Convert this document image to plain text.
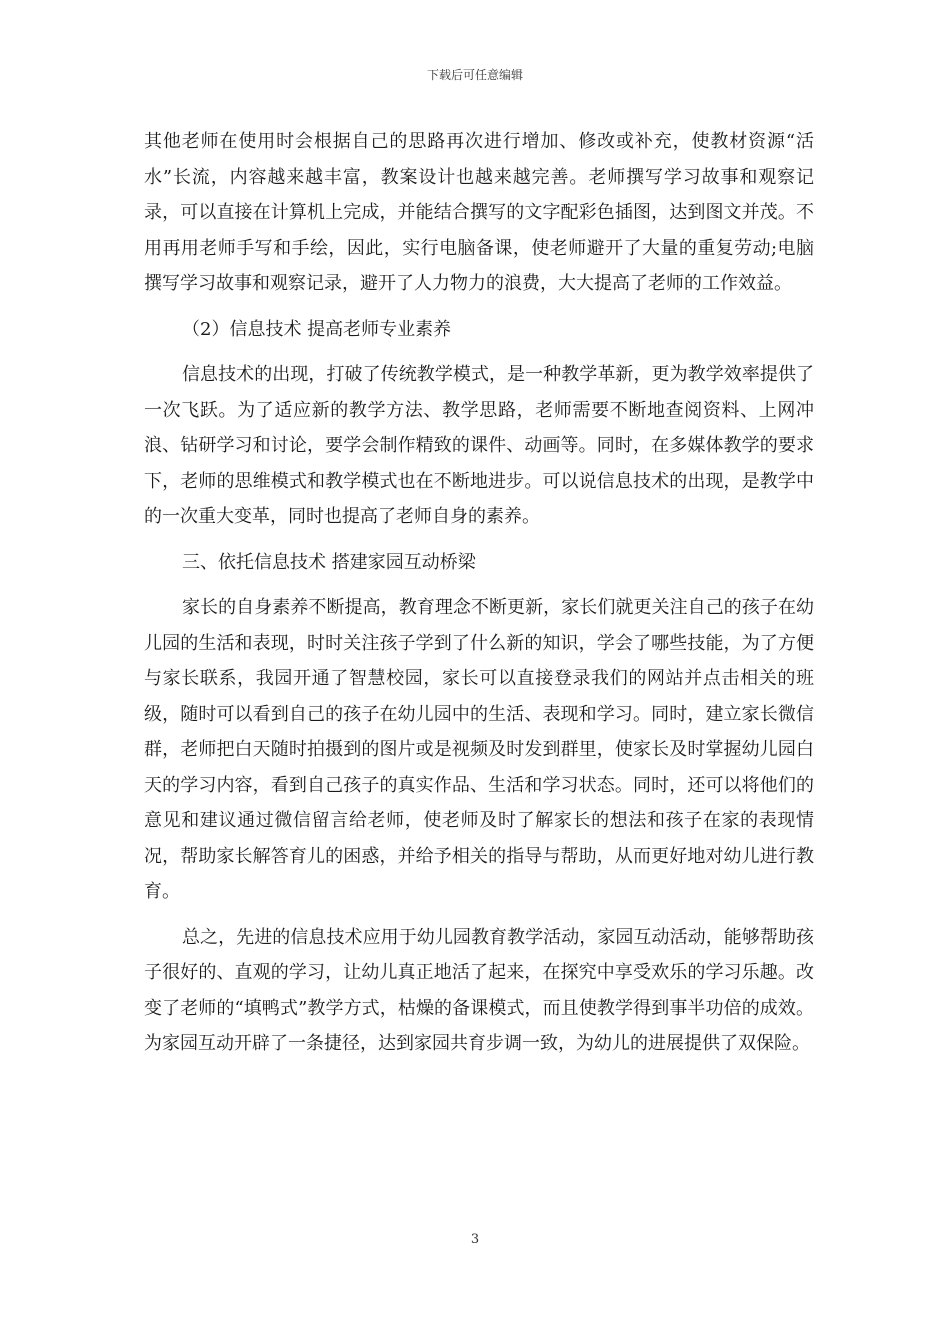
下载后可任意编辑

其他老师在使用时会根据自己的思路再次进行增加、修改或补充，使教材资源“活水”长流，内容越来越丰富，教案设计也越来越完善。老师撰写学习故事和观察记录，可以直接在计算机上完成，并能结合撰写的文字配彩色插图，达到图文并茂。不用再用老师手写和手绘，因此，实行电脑备课，使老师避开了大量的重复劳动;电脑撰写学习故事和观察记录，避开了人力物力的浪费，大大提高了老师的工作效益。

（2）信息技术 提高老师专业素养

信息技术的出现，打破了传统教学模式，是一种教学革新，更为教学效率提供了一次飞跃。为了适应新的教学方法、教学思路，老师需要不断地查阅资料、上网冲浪、钻研学习和讨论，要学会制作精致的课件、动画等。同时，在多媒体教学的要求下，老师的思维模式和教学模式也在不断地进步。可以说信息技术的出现，是教学中的一次重大变革，同时也提高了老师自身的素养。

三、依托信息技术 搭建家园互动桥梁

家长的自身素养不断提高，教育理念不断更新，家长们就更关注自己的孩子在幼儿园的生活和表现，时时关注孩子学到了什么新的知识，学会了哪些技能，为了方便与家长联系，我园开通了智慧校园，家长可以直接登录我们的网站并点击相关的班级，随时可以看到自己的孩子在幼儿园中的生活、表现和学习。同时，建立家长微信群，老师把白天随时拍摄到的图片或是视频及时发到群里，使家长及时掌握幼儿园白天的学习内容，看到自己孩子的真实作品、生活和学习状态。同时，还可以将他们的意见和建议通过微信留言给老师，使老师及时了解家长的想法和孩子在家的表现情况，帮助家长解答育儿的困惑，并给予相关的指导与帮助，从而更好地对幼儿进行教育。

总之，先进的信息技术应用于幼儿园教育教学活动，家园互动活动，能够帮助孩子很好的、直观的学习，让幼儿真正地活了起来，在探究中享受欢乐的学习乐趣。改变了老师的“填鸭式”教学方式，枯燥的备课模式，而且使教学得到事半功倍的成效。为家园互动开辟了一条捷径，达到家园共育步调一致，为幼儿的进展提供了双保险。

3
